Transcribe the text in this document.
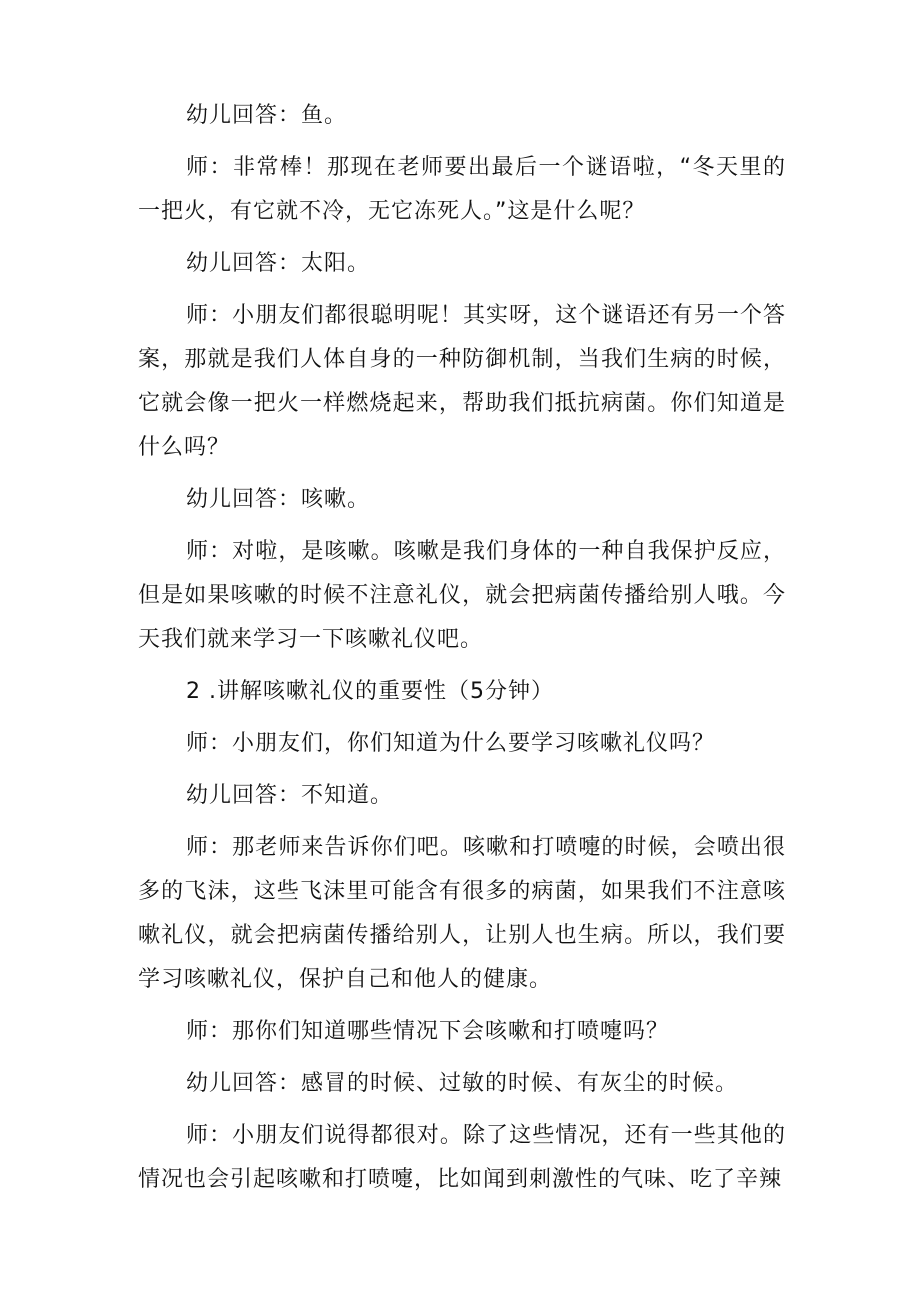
幼儿回答：鱼。

师：非常棒！那现在老师要出最后一个谜语啦，“冬天里的一把火，有它就不冷，无它冻死人。”这是什么呢？

幼儿回答：太阳。

师：小朋友们都很聪明呢！其实呀，这个谜语还有另一个答案，那就是我们人体自身的一种防御机制，当我们生病的时候，它就会像一把火一样燃烧起来，帮助我们抵抗病菌。你们知道是什么吗？

幼儿回答：咳嗽。

师：对啦，是咳嗽。咳嗽是我们身体的一种自我保护反应，但是如果咳嗽的时候不注意礼仪，就会把病菌传播给别人哦。今天我们就来学习一下咳嗽礼仪吧。

2 .讲解咳嗽礼仪的重要性（5分钟）

师：小朋友们，你们知道为什么要学习咳嗽礼仪吗？

幼儿回答：不知道。

师：那老师来告诉你们吧。咳嗽和打喷嚏的时候，会喷出很多的飞沫，这些飞沫里可能含有很多的病菌，如果我们不注意咳嗽礼仪，就会把病菌传播给别人，让别人也生病。所以，我们要学习咳嗽礼仪，保护自己和他人的健康。

师：那你们知道哪些情况下会咳嗽和打喷嚏吗？

幼儿回答：感冒的时候、过敏的时候、有灰尘的时候。

师：小朋友们说得都很对。除了这些情况，还有一些其他的情况也会引起咳嗽和打喷嚏，比如闻到刺激性的气味、吃了辛辣
